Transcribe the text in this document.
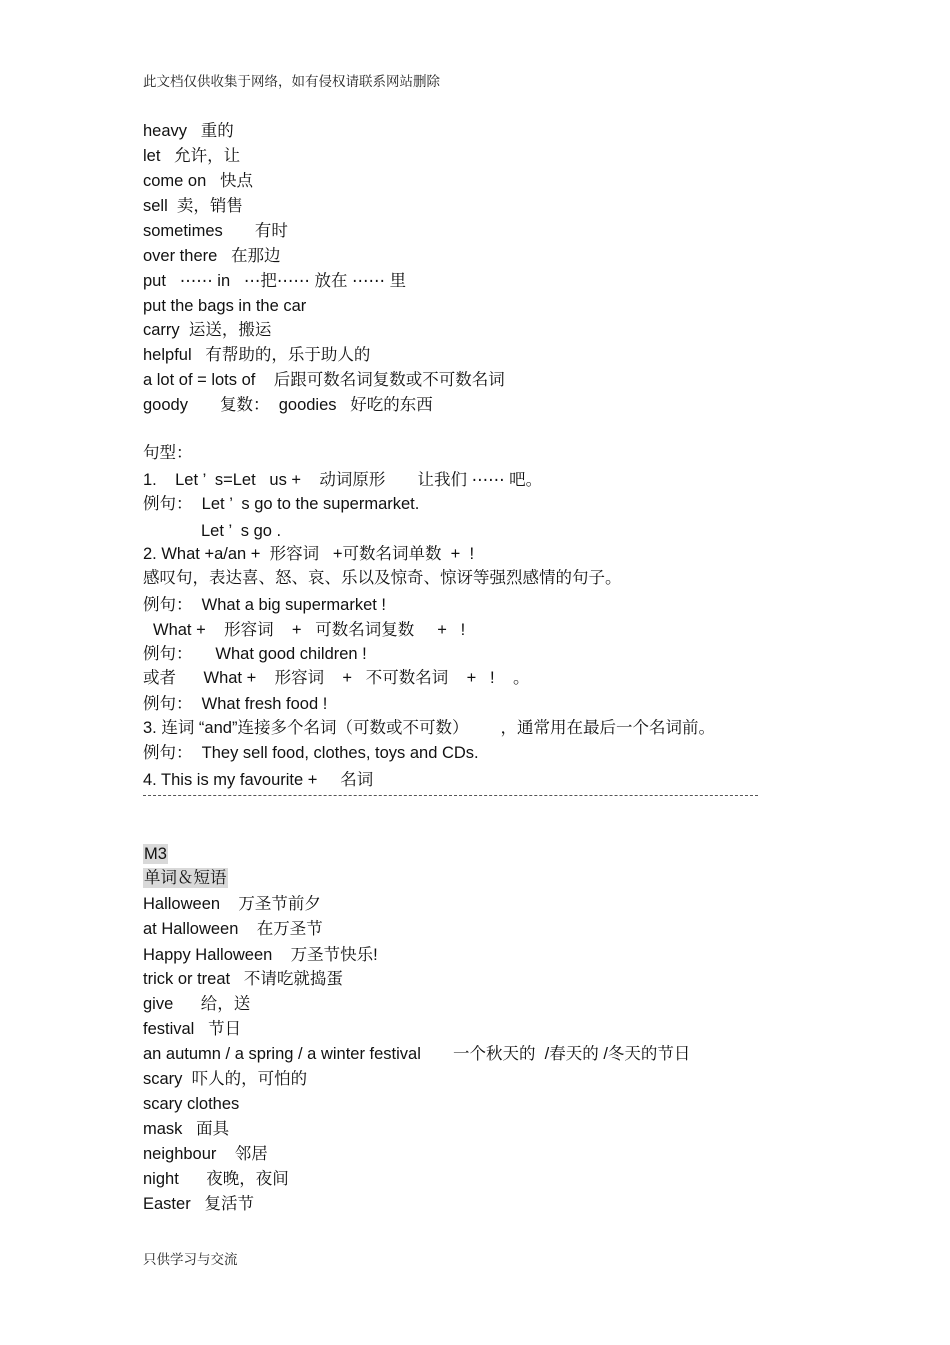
此文档仅供收集于网络，如有侵权请联系网站删除
heavy   重的
let   允许，让
come on   快点
sell  卖，销售
sometimes       有时
over there   在那边
put   ⋯⋯ in   ⋯把⋯⋯ 放在 ⋯⋯ 里
put the bags in the car
carry  运送，搬运
helpful   有帮助的，乐于助人的
a lot of = lots of    后跟可数名词复数或不可数名词
goody       复数：  goodies   好吃的东西
句型：
1.    Let ’  s=Let   us +    动词原形       让我们 ⋯⋯ 吧。
例句：  Let ’  s go to the supermarket.
Let ’  s go .
2. What +a/an +  形容词   +可数名词单数  +  !
感叹句，表达喜、怒、哀、乐以及惊奇、惊讶等强烈感情的句子。
例句：  What a big supermarket !
What +    形容词    +   可数名词复数     +   !
例句：     What good children !
或者      What +    形容词    +   不可数名词    +   !    。
例句：  What fresh food !
3. 连词 “and”连接多个名词（可数或不可数）       ，通常用在最后一个名词前。
例句：  They sell food, clothes, toys and CDs.
4. This is my favourite +     名词
M3
单词＆短语
Halloween    万圣节前夕
at Halloween    在万圣节
Happy Halloween    万圣节快乐!
trick or treat   不请吃就捣蛋
give      给，送
festival   节日
an autumn / a spring / a winter festival       一个秋天的  /春天的 /冬天的节日
scary  吓人的，可怕的
scary clothes
mask   面具
neighbour    邻居
night      夜晚，夜间
Easter   复活节
只供学习与交流
